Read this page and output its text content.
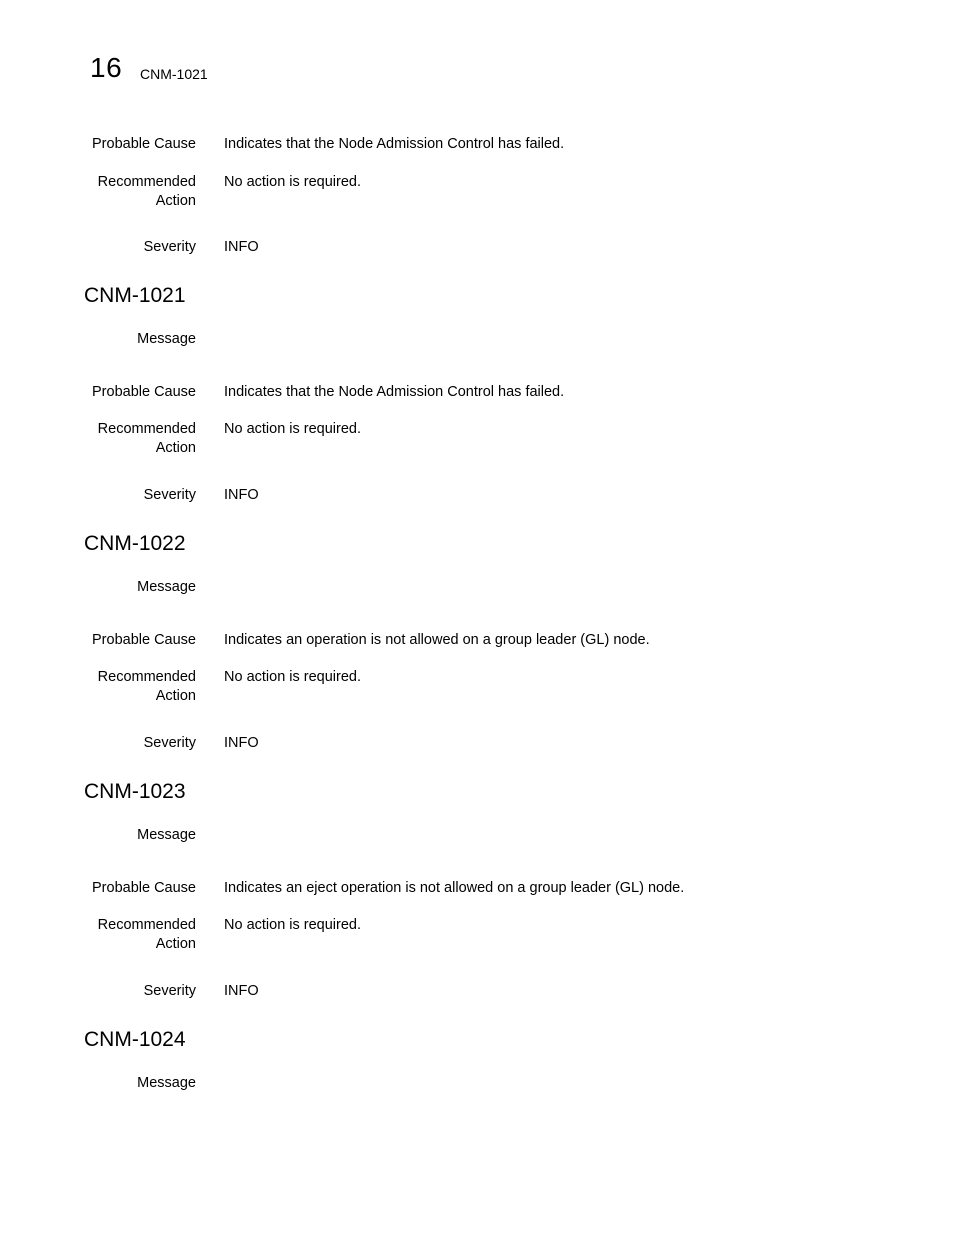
16 CNM-1021
Probable Cause Indicates that the Node Admission Control has failed.
Recommended
Action
No action is required.
Severity INFO
CNM-1021
Message
Probable Cause Indicates that the Node Admission Control has failed.
Recommended
Action
No action is required.
Severity INFO
CNM-1022
Message
Probable Cause Indicates an operation is not allowed on a group leader (GL) node.
Recommended
Action
No action is required.
Severity INFO
CNM-1023
Message
Probable Cause Indicates an eject operation is not allowed on a group leader (GL) node.
Recommended
Action
No action is required.
Severity INFO
CNM-1024
Message
